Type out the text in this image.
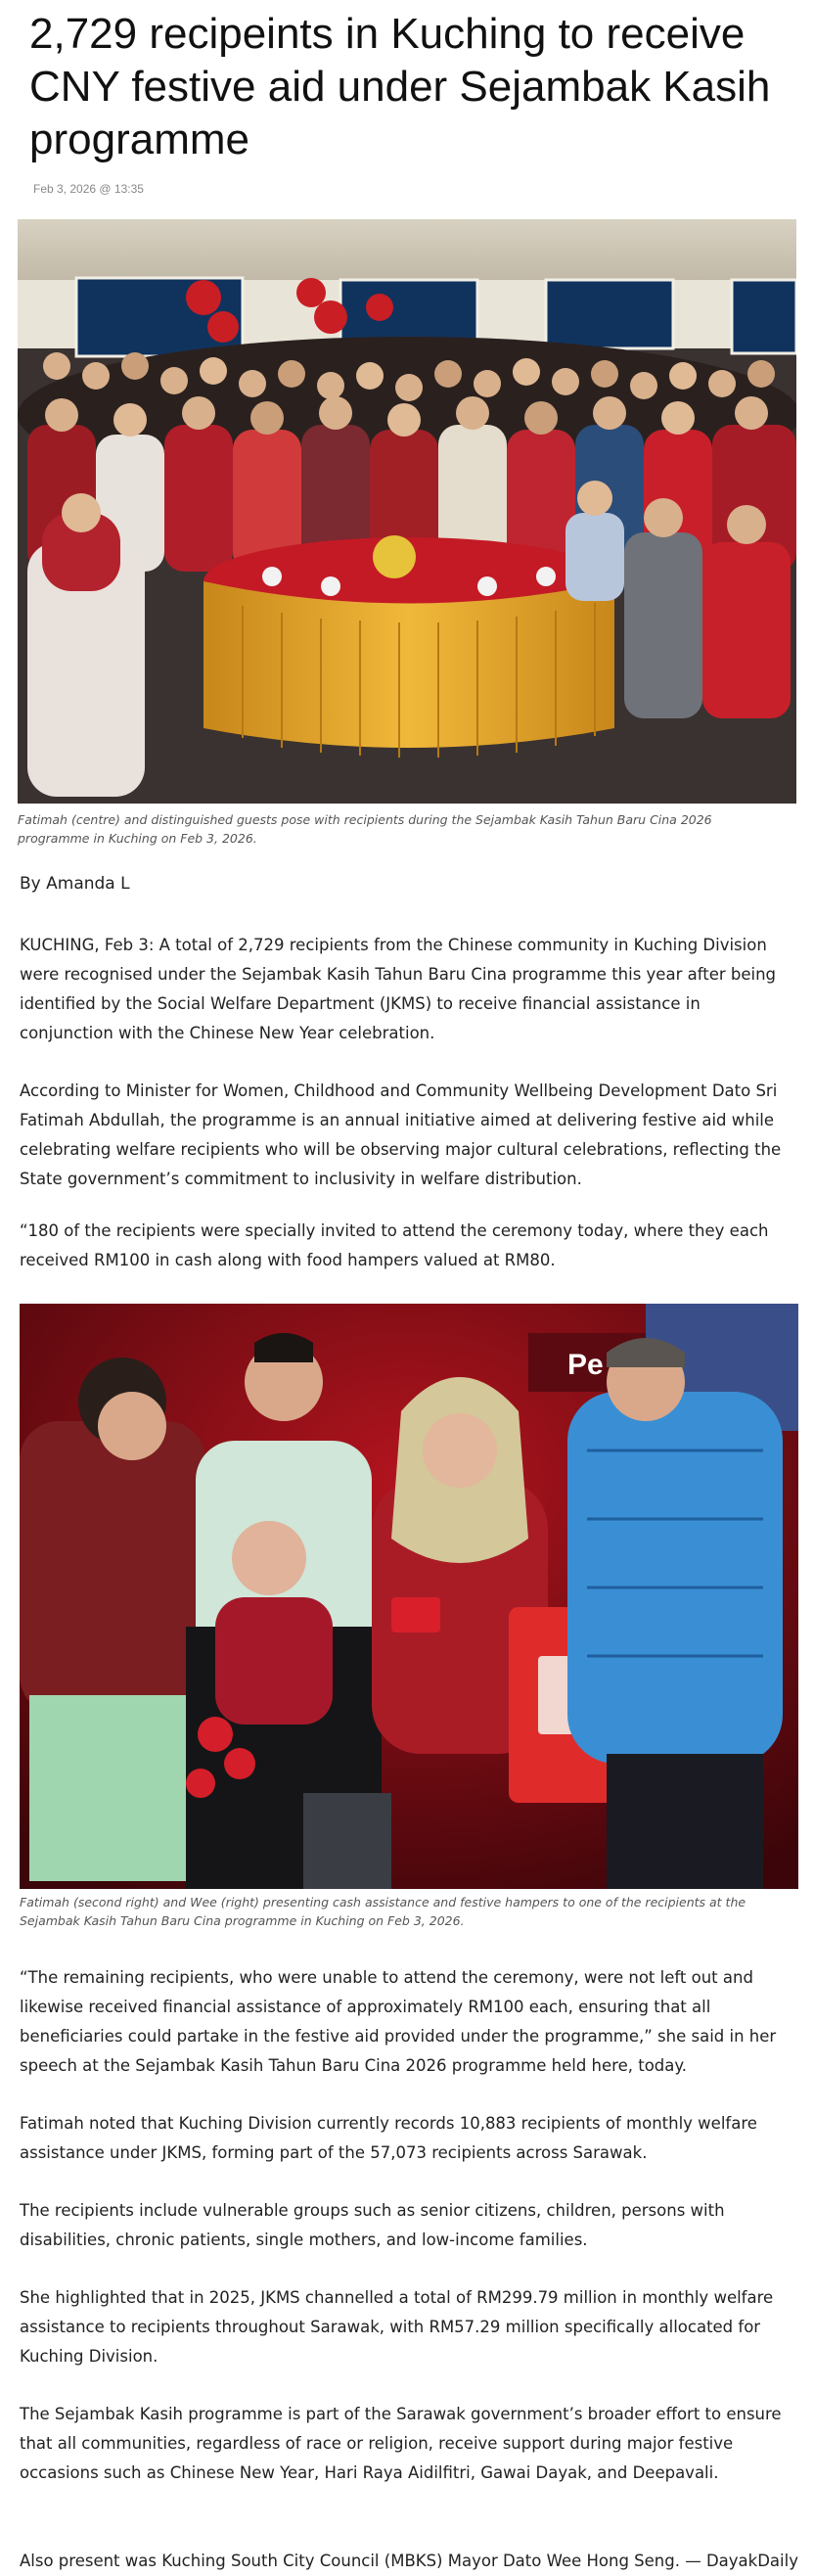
2,729 recipeints in Kuching to receive CNY festive aid under Sejambak Kasih programme
Feb 3, 2026 @ 13:35
Fatimah (centre) and distinguished guests pose with recipients during the Sejambak Kasih Tahun Baru Cina 2026 programme in Kuching on Feb 3, 2026.
By Amanda L

KUCHING, Feb 3: A total of 2,729 recipients from the Chinese community in Kuching Division were recognised under the Sejambak Kasih Tahun Baru Cina programme this year after being identified by the Social Welfare Department (JKMS) to receive financial assistance in conjunction with the Chinese New Year celebration.

According to Minister for Women, Childhood and Community Wellbeing Development Dato Sri Fatimah Abdullah, the programme is an annual initiative aimed at delivering festive aid while celebrating welfare recipients who will be observing major cultural celebrations, reflecting the State government’s commitment to inclusivity in welfare distribution.

“180 of the recipients were specially invited to attend the ceremony today, where they each received RM100 in cash along with food hampers valued at RM80.

Pe
Fatimah (second right) and Wee (right) presenting cash assistance and festive hampers to one of the recipients at the Sejambak Kasih Tahun Baru Cina programme in Kuching on Feb 3, 2026.

“The remaining recipients, who were unable to attend the ceremony, were not left out and likewise received financial assistance of approximately RM100 each, ensuring that all beneficiaries could partake in the festive aid provided under the programme,” she said in her speech at the Sejambak Kasih Tahun Baru Cina 2026 programme held here, today.

Fatimah noted that Kuching Division currently records 10,883 recipients of monthly welfare assistance under JKMS, forming part of the 57,073 recipients across Sarawak.

The recipients include vulnerable groups such as senior citizens, children, persons with disabilities, chronic patients, single mothers, and low-income families.

She highlighted that in 2025, JKMS channelled a total of RM299.79 million in monthly welfare assistance to recipients throughout Sarawak, with RM57.29 million specifically allocated for Kuching Division.

The Sejambak Kasih programme is part of the Sarawak government’s broader effort to ensure that all communities, regardless of race or religion, receive support during major festive occasions such as Chinese New Year, Hari Raya Aidilfitri, Gawai Dayak, and Deepavali.

Also present was Kuching South City Council (MBKS) Mayor Dato Wee Hong Seng. — DayakDaily
